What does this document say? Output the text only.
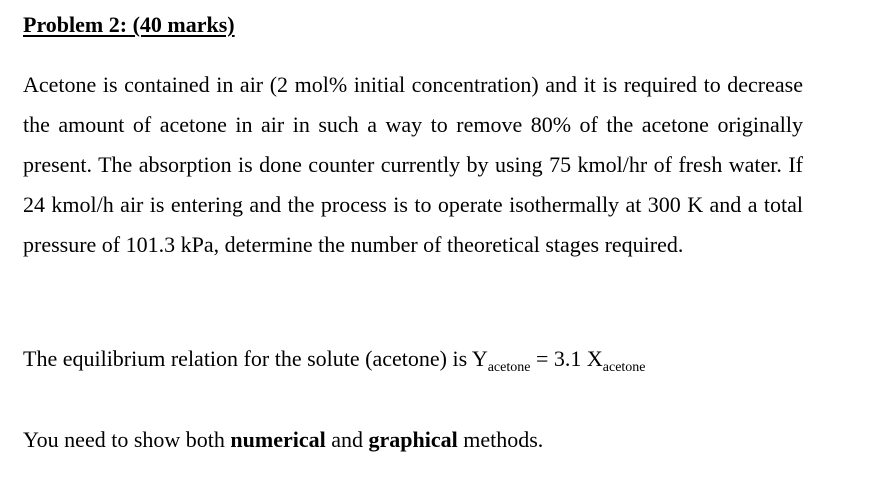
Problem 2: (40 marks)

Acetone is contained in air (2 mol% initial concentration) and it is required to decrease the amount of acetone in air in such a way to remove 80% of the acetone originally present. The absorption is done counter currently by using 75 kmol/hr of fresh water. If 24 kmol/h air is entering and the process is to operate isothermally at 300 K and a total pressure of 101.3 kPa, determine the number of theoretical stages required.

The equilibrium relation for the solute (acetone) is $Y_{acetone} = 3.1$ $X_{acetone}$
You need to show both numerical and graphical methods.
